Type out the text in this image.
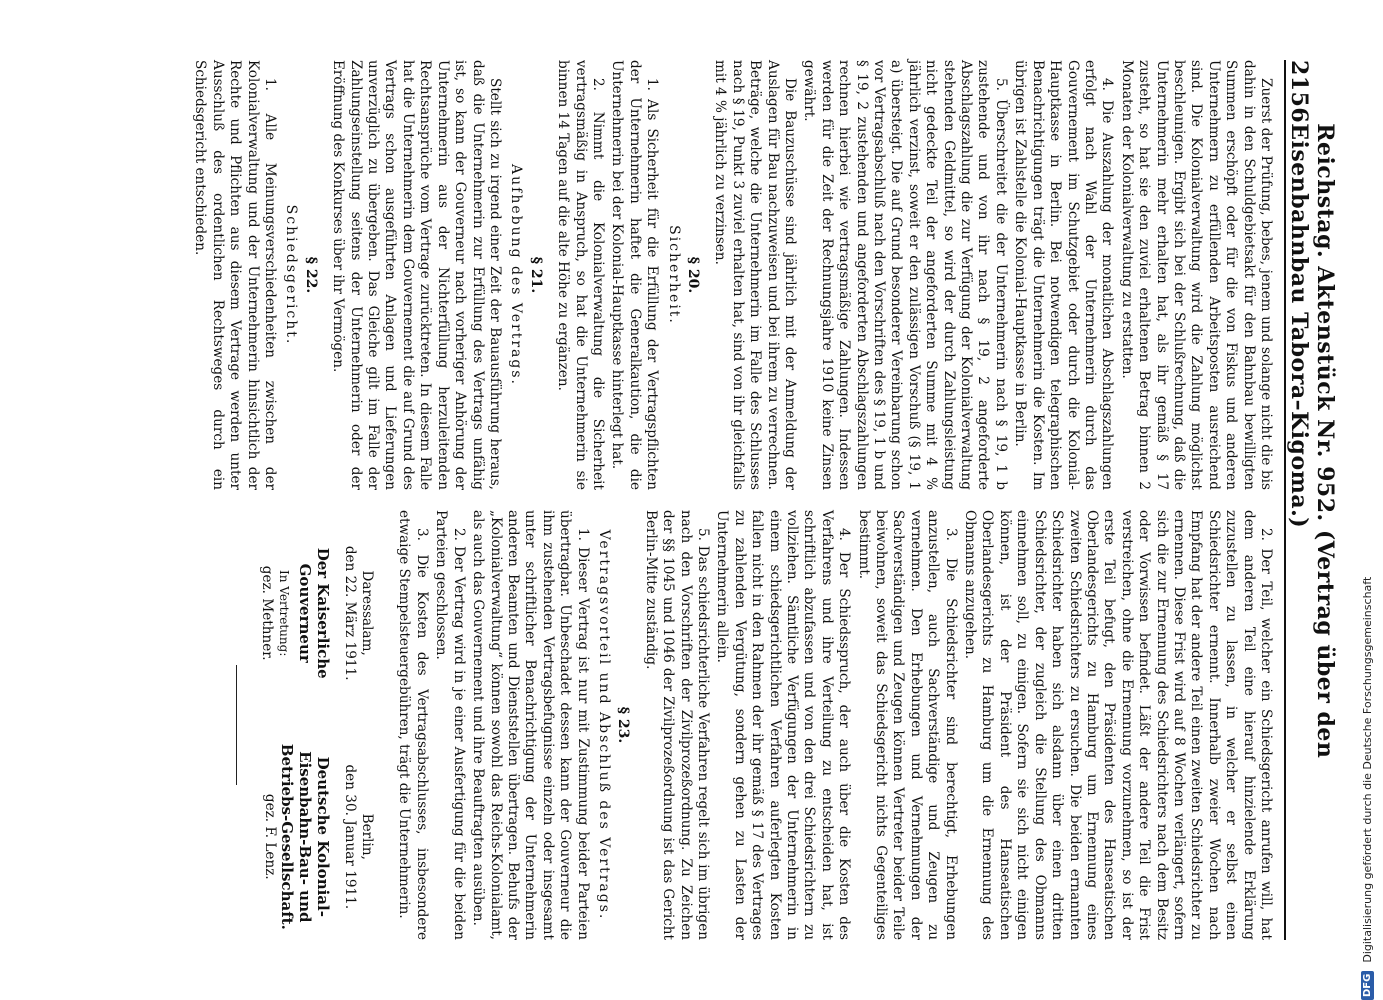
2156
Reichstag. Aktenstück Nr. 952. (Vertrag über den Eisenbahnbau Tabora–Kigoma.)

Zuerst der Prüfung, bebes, jenem und solange nicht die bis dahin in den Schuldgebietsakt für den Bahnbau bewilligten Summen erschöpft oder für die von Fiskus und anderen Unternehmern zu erfüllenden Arbeitsposten ausreichend sind. Die Kolonialverwaltung wird die Zahlung möglichst beschleunigen. Ergibt sich bei der Schlußrechnung, daß die Unternehmerin mehr erhalten hat, als ihr gemäß § 17 zusteht, so hat sie den zuviel erhaltenen Betrag binnen 2 Monaten der Kolonialverwaltung zu erstatten.

4. Die Auszahlung der monatlichen Abschlagszahlungen erfolgt nach Wahl der Unternehmerin durch das Gouvernement im Schutzgebiet oder durch die Kolonial-Hauptkasse in Berlin. Bei notwendigen telegraphischen Benachrichtigungen trägt die Unternehmerin die Kosten. Im übrigen ist Zahlstelle die Kolonial-Hauptkasse in Berlin.

5. Überschreitet die der Unternehmerin nach § 19, 1 b zustehende und von ihr nach § 19, 2 angeforderte Abschlagszahlung die zur Verfügung der Kolonialverwaltung stehenden Geldmittel, so wird der durch Zahlungsleistung nicht gedeckte Teil der angeforderten Summe mit 4 % jährlich verzinst, soweit er den zulässigen Vorschuß (§ 19, 1 a) übersteigt. Die auf Grund besonderer Vereinbarung schon vor Vertragsabschluß nach den Vorschriften des § 19, 1 b und § 19, 2 zustehenden und angeforderten Abschlagszahlungen rechnen hierbei wie vertragsmäßige Zahlungen. Indessen werden für die Zeit der Rechnungsjahre 1910 keine Zinsen gewährt.

Die Bauzuschüsse sind jährlich mit der Anmeldung der Auslagen für Bau nachzuweisen und bei ihrem zu verrechnen. Beträge, welche die Unternehmerin im Falle des Schlusses nach § 19, Punkt 3 zuviel erhalten hat, sind von ihr gleichfalls mit 4 % jährlich zu verzinsen.

§ 20.
Sicherheit.

1. Als Sicherheit für die Erfüllung der Vertragspflichten der Unternehmerin haftet die Generalkaution, die die Unternehmerin bei der Kolonial-Hauptkasse hinterlegt hat.

2. Nimmt die Kolonialverwaltung die Sicherheit vertragsmäßig in Anspruch, so hat die Unternehmerin sie binnen 14 Tagen auf die alte Höhe zu ergänzen.

§ 21.
Aufhebung des Vertrags.

Stellt sich zu irgend einer Zeit der Bauausführung heraus, daß die Unternehmerin zur Erfüllung des Vertrags unfähig ist, so kann der Gouverneur nach vorheriger Anhörung der Unternehmerin aus der Nichterfüllung herzuleitenden Rechtsansprüche vom Vertrage zurücktreten. In diesem Falle hat die Unternehmerin dem Gouvernement die auf Grund des Vertrags schon ausgeführten Anlagen und Lieferungen unverzüglich zu übergeben. Das Gleiche gilt im Falle der Zahlungseinstellung seitens der Unternehmerin oder der Eröffnung des Konkurses über ihr Vermögen.

§ 22.
Schiedsgericht.

1. Alle Meinungsverschiedenheiten zwischen der Kolonialverwaltung und der Unternehmerin hinsichtlich der Rechte und Pflichten aus diesem Vertrage werden unter Ausschluß des ordentlichen Rechtsweges durch ein Schiedsgericht entschieden.

2. Der Teil, welcher ein Schiedsgericht anrufen will, hat dem anderen Teil eine hierauf hinzielende Erklärung zuzustellen zu lassen, in welcher er selbst einen Schiedsrichter ernennt. Innerhalb zweier Wochen nach Empfang hat der andere Teil einen zweiten Schiedsrichter zu ernennen. Diese Frist wird auf 8 Wochen verlängert, sofern sich die zur Ernennung des Schiedsrichters nach dem Besitz oder Vorwissen befindet. Läßt der andere Teil die Frist verstreichen, ohne die Ernennung vorzunehmen, so ist der erste Teil befugt, den Präsidenten des Hanseatischen Oberlandesgerichts zu Hamburg um Ernennung eines zweiten Schiedsrichters zu ersuchen. Die beiden ernannten Schiedsrichter haben sich alsdann über einen dritten Schiedsrichter, der zugleich die Stellung des Obmanns einnehmen soll, zu einigen. Sofern sie sich nicht einigen können, ist der Präsident des Hanseatischen Oberlandesgerichts zu Hamburg um die Ernennung des Obmanns anzugehen.

3. Die Schiedsrichter sind berechtigt, Erhebungen anzustellen, auch Sachverständige und Zeugen zu vernehmen. Den Erhebungen und Vernehmungen der Sachverständigen und Zeugen können Vertreter beider Teile beiwohnen, soweit das Schiedsgericht nichts Gegenteiliges bestimmt.

4. Der Schiedsspruch, der auch über die Kosten des Verfahrens und ihre Verteilung zu entscheiden hat, ist schriftlich abzufassen und von den drei Schiedsrichtern zu vollziehen. Sämtliche Verfügungen der Unternehmerin in einem schiedsgerichtlichen Verfahren auferlegten Kosten fallen nicht in den Rahmen der ihr gemäß § 17 des Vertrages zu zahlenden Vergütung, sondern gehen zu Lasten der Unternehmerin allein.

5. Das schiedsrichterliche Verfahren regelt sich im übrigen nach den Vorschriften der Zivilprozeßordnung. Zu Zeichen der §§ 1045 und 1046 der Zivilprozeßordnung ist das Gericht Berlin-Mitte zuständig.

§ 23.
Vertragsvorteil und Abschluß des Vertrags.

1. Dieser Vertrag ist nur mit Zustimmung beider Parteien übertragbar. Unbeschadet dessen kann der Gouverneur die ihm zustehenden Vertragsbefugnisse einzeln oder insgesamt unter schriftlicher Benachrichtigung der Unternehmerin anderen Beamten und Dienststellen übertragen. Behufs der „Kolonialverwaltung“ können sowohl das Reichs-Kolonialamt, als auch das Gouvernement und ihre Beauftragten ausüben.

2. Der Vertrag wird in je einer Ausfertigung für die beiden Parteien geschlossen.

3. Die Kosten des Vertragsabschlusses, insbesondere etwaige Stempelsteuergebühren, trägt die Unternehmerin.

Daressalam,
den 22. März 1911.
Der Kaiserliche Gouverneur
In Vertretung:
gez. Methner.
Berlin,
den 30. Januar 1911.
Deutsche Kolonial-Eisenbahn-Bau- und Betriebs-Gesellschaft.
gez. F. Lenz.
DFG
Digitalisierung gefördert durch die Deutsche Forschungsgemeinschaft
